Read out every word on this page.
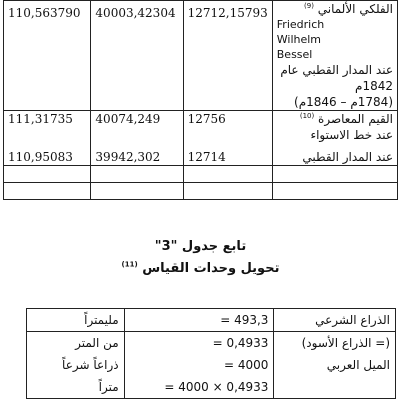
الفلكي الألماني $^{(9)}$
Friedrich Wilhelm
Bessel
عند المدار القطبي عام 1842م
(1784م – 1846م)	12712,15793	40003,42304	110,563790

القيم المعاصرة $^{(10)}$
عند خط الاستواء	12756	40074,249	111,31735
عند المدار القطبي	12714	39942,302	110,95083

تابع جدول "3"
تحويل وحدات القياس $^{(11)}$
الذراع الشرعي	= 493,3	مليمتراً
(= الذراع الأسود)	= 0,4933	من المتر
الميل العربي	= 4000	ذراعاً شرعاً

	= 4000 × 0,4933	متراً
